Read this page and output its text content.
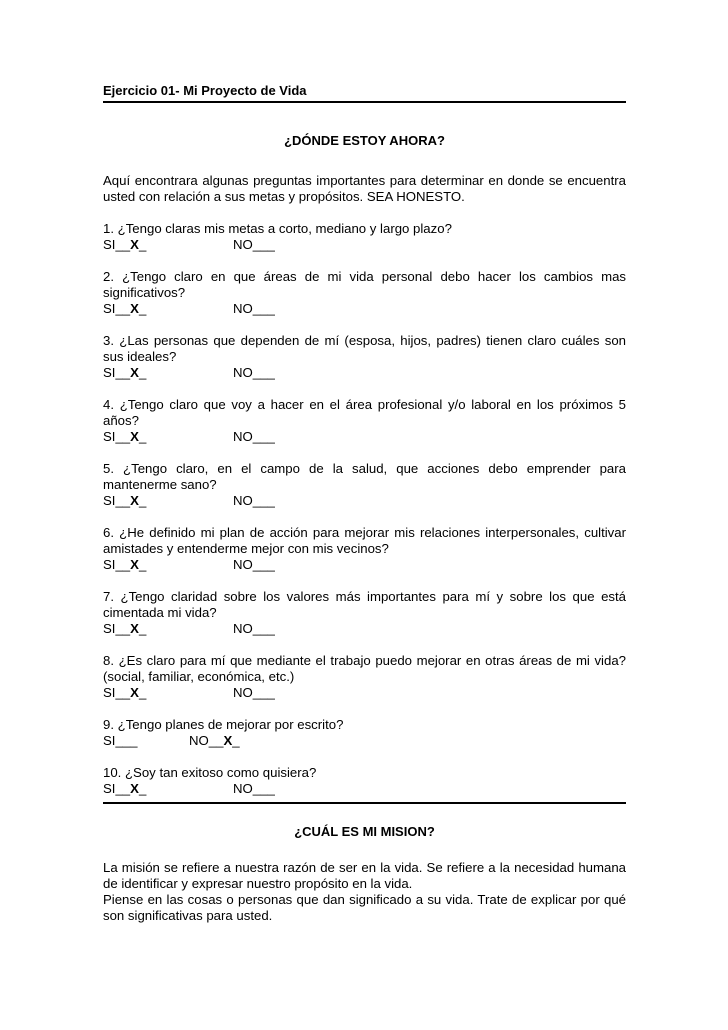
Ejercicio 01- Mi Proyecto de Vida
¿DÓNDE ESTOY AHORA?
Aquí encontrara algunas preguntas importantes para determinar en donde se encuentra usted con relación a sus metas y propósitos. SEA HONESTO.
1. ¿Tengo claras mis metas a corto, mediano y largo plazo?
SI__X_	NO___
2. ¿Tengo claro en que áreas de mi vida personal debo hacer los cambios mas significativos?
SI__X_	NO___
3. ¿Las personas que dependen de mí (esposa, hijos, padres) tienen claro cuáles son sus ideales?
SI__X_	NO___
4. ¿Tengo claro que voy a hacer en el área profesional y/o laboral en los próximos 5 años?
SI__X_	NO___
5. ¿Tengo claro, en el campo de la salud, que acciones debo emprender para mantenerme sano?
SI__X_	NO___
6. ¿He definido mi plan de acción para mejorar mis relaciones interpersonales, cultivar amistades y entenderme mejor con mis vecinos?
SI__X_	NO___
7. ¿Tengo claridad sobre los valores más importantes para mí y sobre los que está cimentada mi vida?
SI__X_	NO___
8. ¿Es claro para mí que mediante el trabajo puedo mejorar en otras áreas de mi vida? (social, familiar, económica, etc.)
SI__X_	NO___
9. ¿Tengo planes de mejorar por escrito?
SI___	NO__X_
10. ¿Soy tan exitoso como quisiera?
SI__X_	NO___
¿CUÁL ES MI MISION?
La misión se refiere a nuestra razón de ser en la vida. Se refiere a la necesidad humana de identificar y expresar nuestro propósito en la vida.
Piense en las cosas o personas que dan significado a su vida. Trate de explicar por qué son significativas para usted.
